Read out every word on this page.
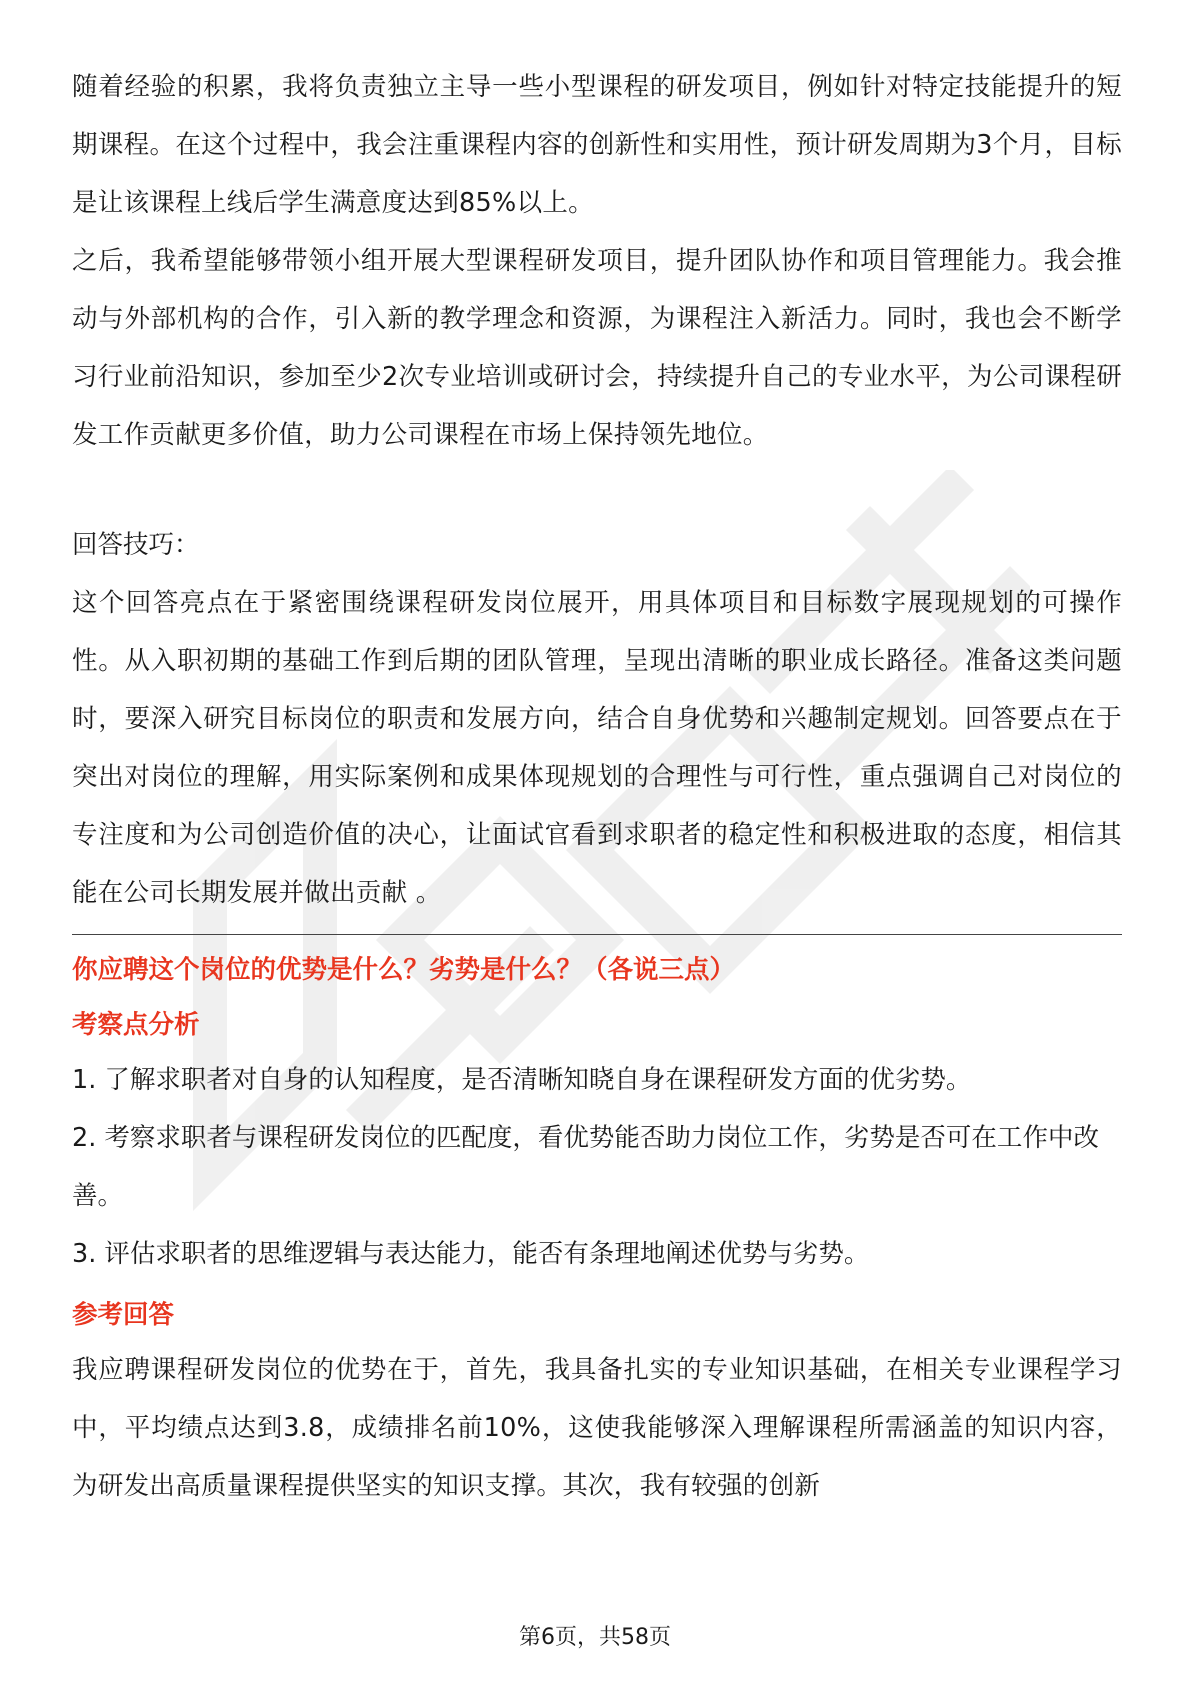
随着经验的积累，我将负责独立主导一些小型课程的研发项目，例如针对特定技能提升的短期课程。在这个过程中，我会注重课程内容的创新性和实用性，预计研发周期为3个月，目标是让该课程上线后学生满意度达到85%以上。

之后，我希望能够带领小组开展大型课程研发项目，提升团队协作和项目管理能力。我会推动与外部机构的合作，引入新的教学理念和资源，为课程注入新活力。同时，我也会不断学习行业前沿知识，参加至少2次专业培训或研讨会，持续提升自己的专业水平，为公司课程研发工作贡献更多价值，助力公司课程在市场上保持领先地位。

回答技巧：

这个回答亮点在于紧密围绕课程研发岗位展开，用具体项目和目标数字展现规划的可操作性。从入职初期的基础工作到后期的团队管理，呈现出清晰的职业成长路径。准备这类问题时，要深入研究目标岗位的职责和发展方向，结合自身优势和兴趣制定规划。回答要点在于突出对岗位的理解，用实际案例和成果体现规划的合理性与可行性，重点强调自己对岗位的专注度和为公司创造价值的决心，让面试官看到求职者的稳定性和积极进取的态度，相信其能在公司长期发展并做出贡献 。

你应聘这个岗位的优势是什么？劣势是什么？（各说三点）

考察点分析

1. 了解求职者对自身的认知程度，是否清晰知晓自身在课程研发方面的优劣势。

2. 考察求职者与课程研发岗位的匹配度，看优势能否助力岗位工作，劣势是否可在工作中改善。

3. 评估求职者的思维逻辑与表达能力，能否有条理地阐述优势与劣势。

参考回答

我应聘课程研发岗位的优势在于，首先，我具备扎实的专业知识基础，在相关专业课程学习中，平均绩点达到3.8，成绩排名前10%，这使我能够深入理解课程所需涵盖的知识内容，为研发出高质量课程提供坚实的知识支撑。其次，我有较强的创新

第6页，共58页
